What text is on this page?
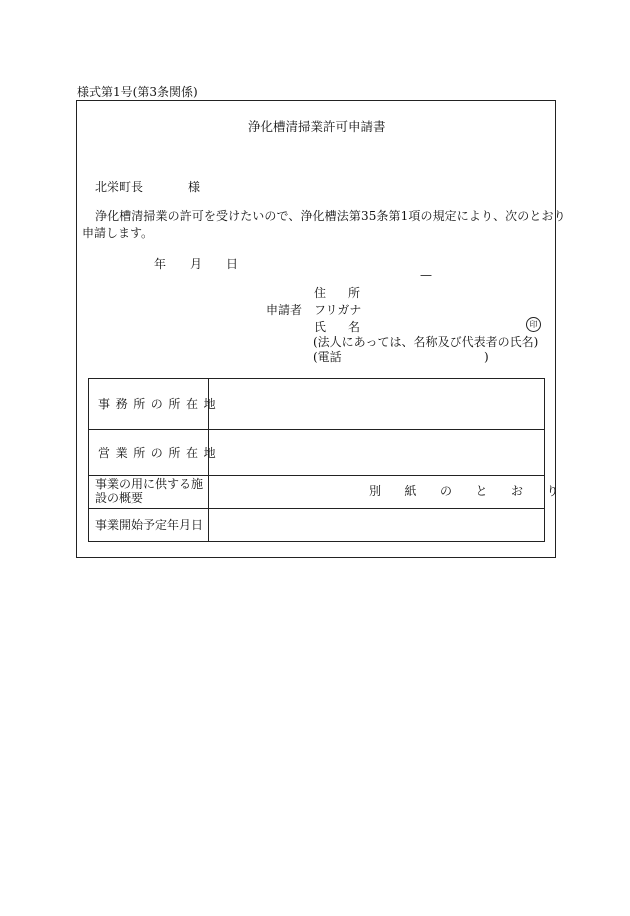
様式第1号(第3条関係)
浄化槽清掃業許可申請書
北栄町長	様
浄化槽清掃業の許可を受けたいので、浄化槽法第35条第1項の規定により、次のとおり
申請します。
年 月 日
—
申請者
住所
フリガナ
氏名	印
(法人にあっては、名称及び代表者の氏名)
(電話	)
事務所の所在地
営業所の所在地
事業の用に供する施
設の概要	別紙のとおり
事業開始予定年月日
